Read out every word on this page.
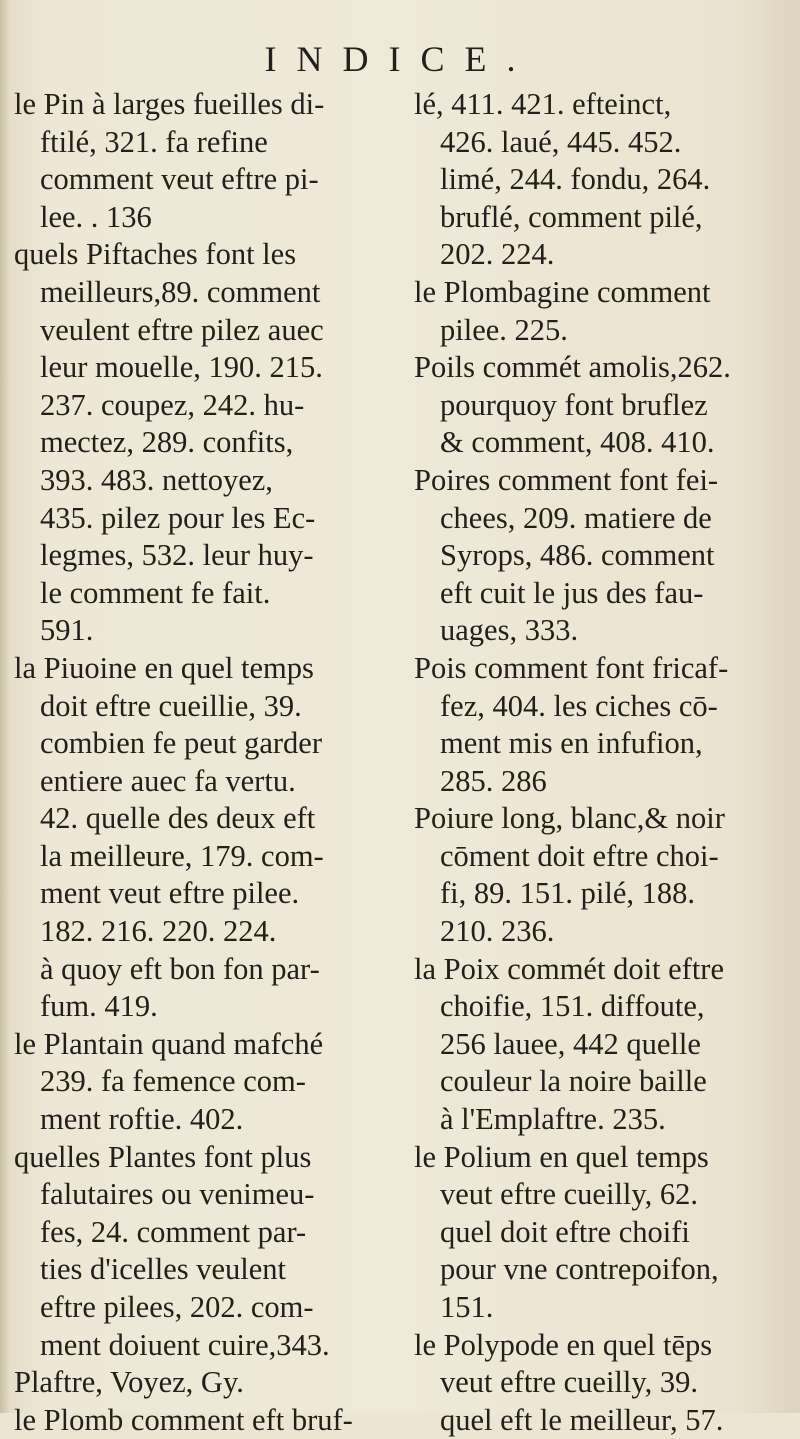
INDICE.
le Pin à larges fueilles di-
ftilé, 321. fa refine
comment veut eftre pi-
lee. . 136
quels Piftaches font les
meilleurs,89. comment
veulent eftre pilez auec
leur mouelle, 190. 215.
237. coupez, 242. hu-
mectez, 289. confits,
393. 483. nettoyez,
435. pilez pour les Ec-
legmes, 532. leur huy-
le comment fe fait.
591.
la Piuoine en quel temps
doit eftre cueillie, 39.
combien fe peut garder
entiere auec fa vertu.
42. quelle des deux eft
la meilleure, 179. com-
ment veut eftre pilee.
182. 216. 220. 224.
à quoy eft bon fon par-
fum. 419.
le Plantain quand mafché
239. fa femence com-
ment roftie. 402.
quelles Plantes font plus
falutaires ou venimeu-
fes, 24. comment par-
ties d'icelles veulent
eftre pilees, 202. com-
ment doiuent cuire,343.
Plaftre, Voyez, Gy.
le Plomb comment eft bruf-
lé, 411. 421. efteinct,
426. laué, 445. 452.
limé, 244. fondu, 264.
bruflé, comment pilé,
202. 224.
le Plombagine comment
pilee. 225.
Poils commét amolis,262.
pourquoy font bruflez
& comment, 408. 410.
Poires comment font fei-
chees, 209. matiere de
Syrops, 486. comment
eft cuit le jus des fau-
uages, 333.
Pois comment font fricaf-
fez, 404. les ciches cō-
ment mis en infufion,
285. 286
Poiure long, blanc,& noir
cōment doit eftre choi-
fi, 89. 151. pilé, 188.
210. 236.
la Poix commét doit eftre
choifie, 151. diffoute,
256 lauee, 442 quelle
couleur la noire baille
à l'Emplaftre. 235.
le Polium en quel temps
veut eftre cueilly, 62.
quel doit eftre choifi
pour vne contrepoifon,
151.
le Polypode en quel tēps
veut eftre cueilly, 39.
quel eft le meilleur, 57.
